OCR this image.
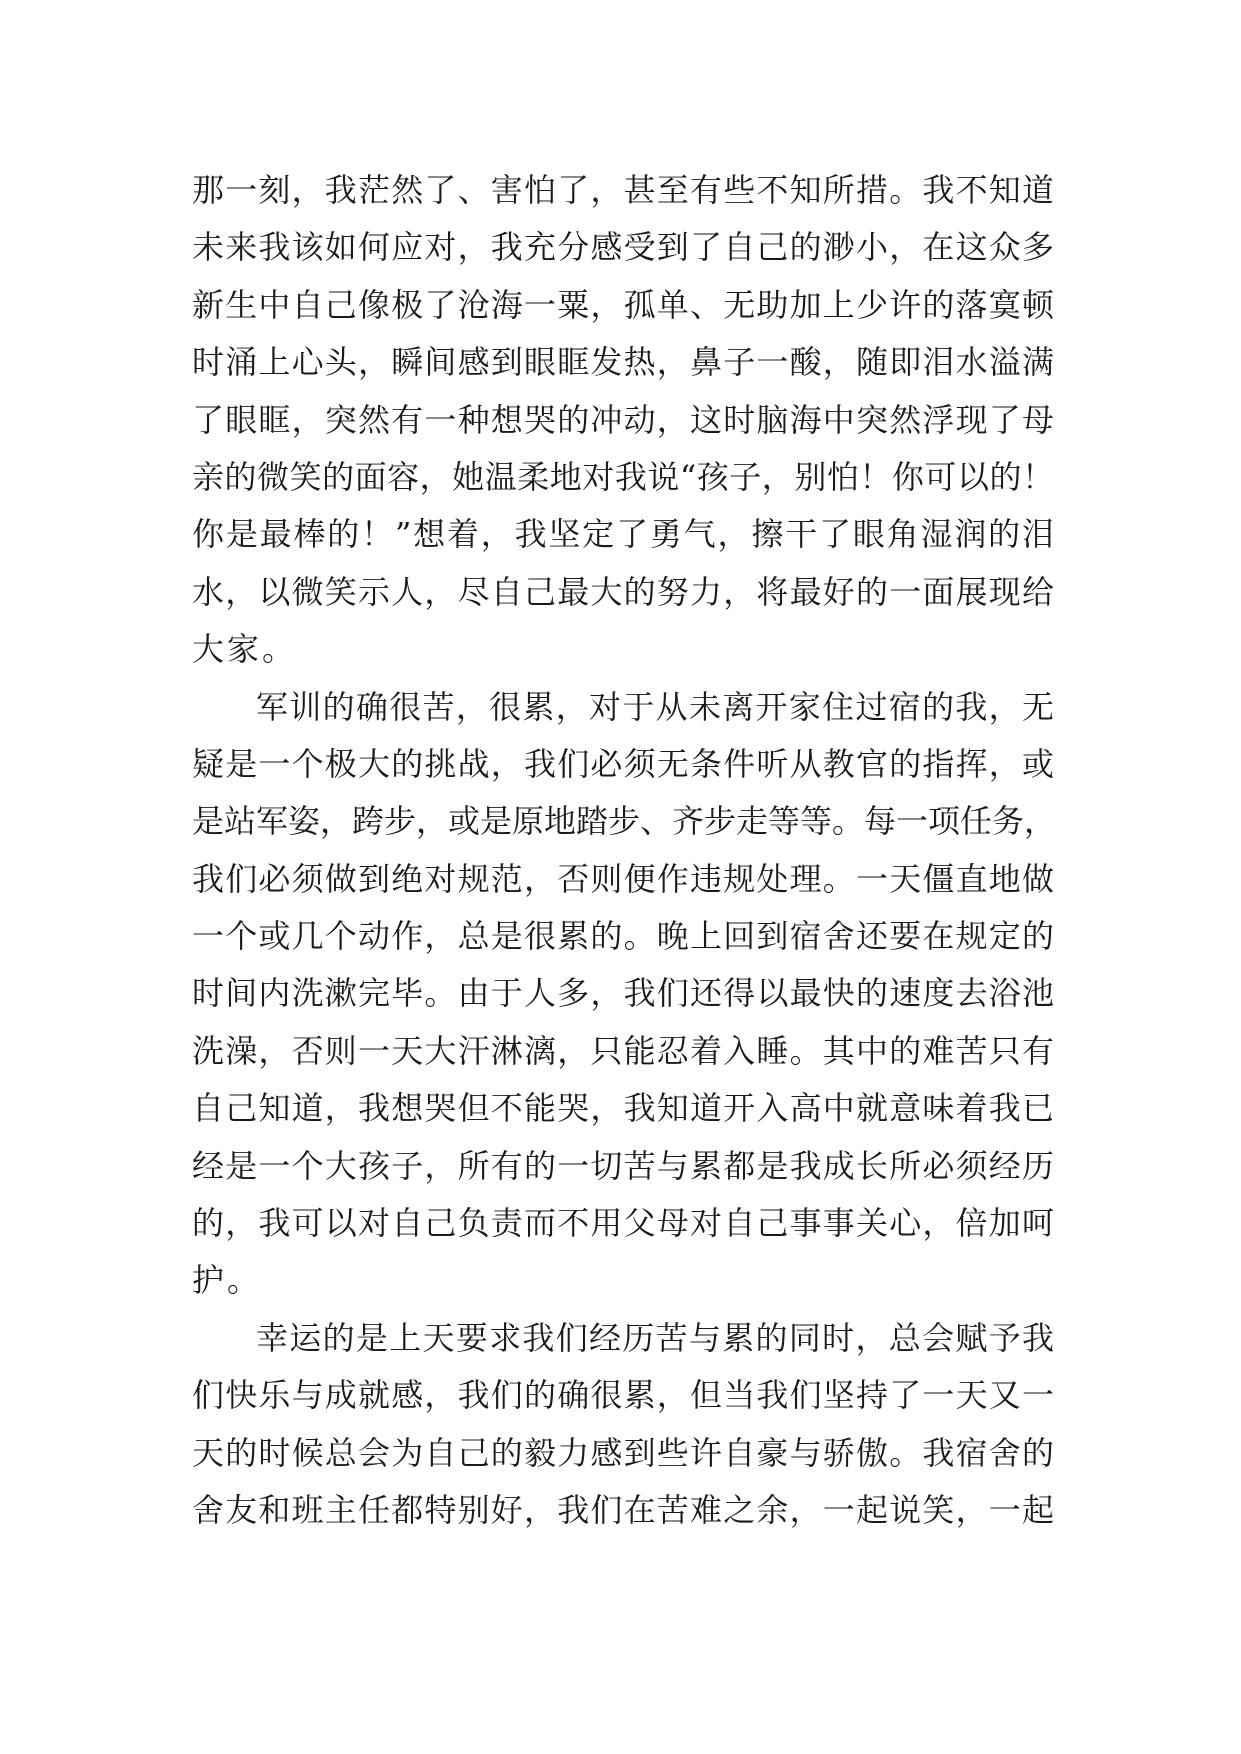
那一刻，我茫然了、害怕了，甚至有些不知所措。我不知道
未来我该如何应对，我充分感受到了自己的渺小，在这众多
新生中自己像极了沧海一粟，孤单、无助加上少许的落寞顿
时涌上心头，瞬间感到眼眶发热，鼻子一酸，随即泪水溢满
了眼眶，突然有一种想哭的冲动，这时脑海中突然浮现了母
亲的微笑的面容，她温柔地对我说“孩子，别怕！你可以的！
你是最棒的！”想着，我坚定了勇气，擦干了眼角湿润的泪
水，以微笑示人，尽自己最大的努力，将最好的一面展现给
大家。
军训的确很苦，很累，对于从未离开家住过宿的我，无
疑是一个极大的挑战，我们必须无条件听从教官的指挥，或
是站军姿，跨步，或是原地踏步、齐步走等等。每一项任务，
我们必须做到绝对规范，否则便作违规处理。一天僵直地做
一个或几个动作，总是很累的。晚上回到宿舍还要在规定的
时间内洗漱完毕。由于人多，我们还得以最快的速度去浴池
洗澡，否则一天大汗淋漓，只能忍着入睡。其中的难苦只有
自己知道，我想哭但不能哭，我知道开入高中就意味着我已
经是一个大孩子，所有的一切苦与累都是我成长所必须经历
的，我可以对自己负责而不用父母对自己事事关心，倍加呵
护。
幸运的是上天要求我们经历苦与累的同时，总会赋予我
们快乐与成就感，我们的确很累，但当我们坚持了一天又一
天的时候总会为自己的毅力感到些许自豪与骄傲。我宿舍的
舍友和班主任都特别好，我们在苦难之余，一起说笑，一起
